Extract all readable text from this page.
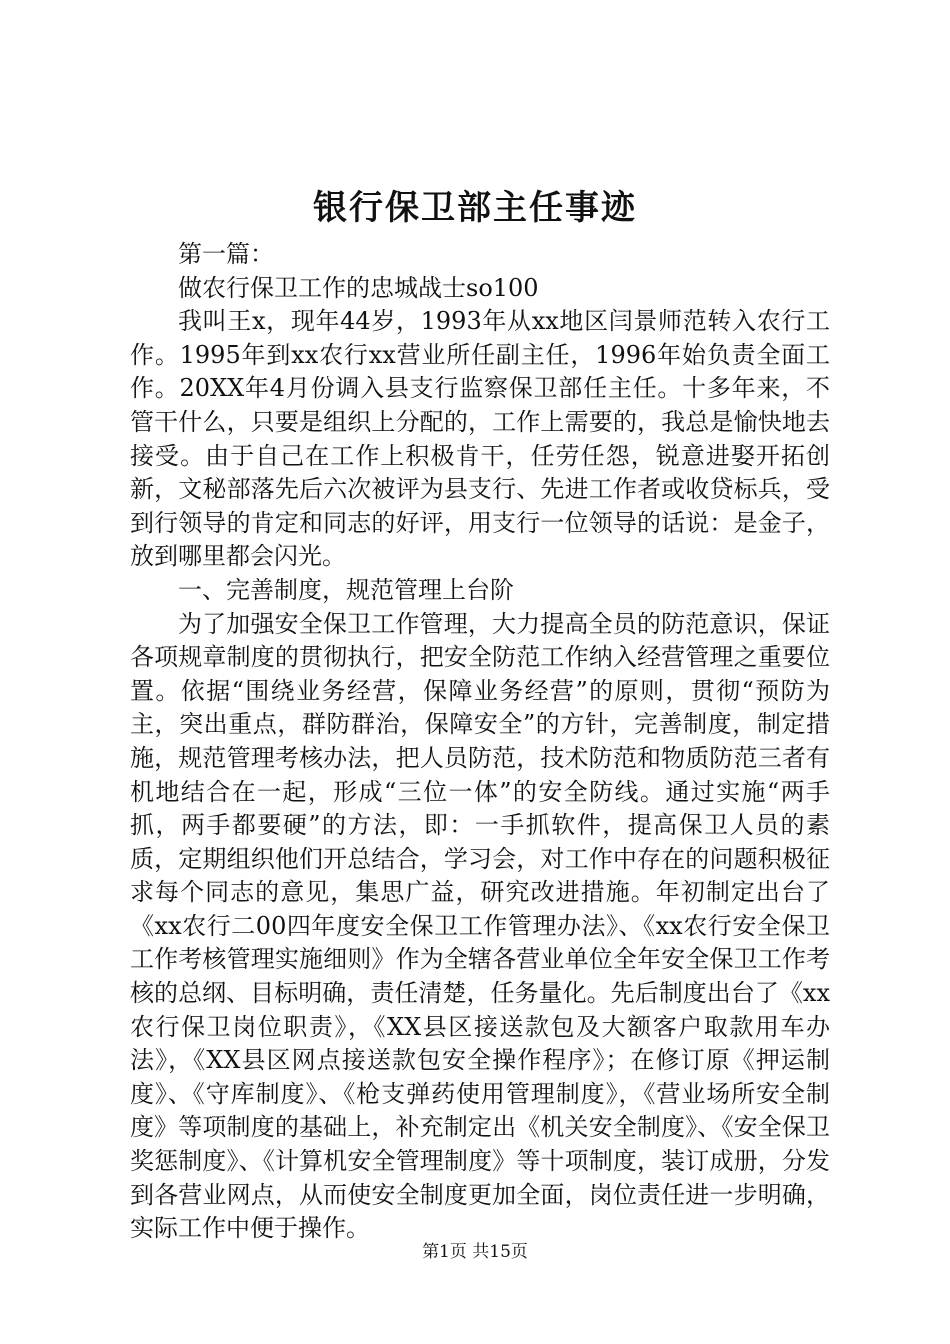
银行保卫部主任事迹

第一篇：

做农行保卫工作的忠城战士so100

我叫王x，现年44岁，1993年从xx地区闫景师范转入农行工作。1995年到xx农行xx营业所任副主任，1996年始负责全面工作。20XX年4月份调入县支行监察保卫部任主任。十多年来，不管干什么，只要是组织上分配的，工作上需要的，我总是愉快地去接受。由于自己在工作上积极肯干，任劳任怨，锐意进娶开拓创新，文秘部落先后六次被评为县支行、先进工作者或收贷标兵，受到行领导的肯定和同志的好评，用支行一位领导的话说：是金子，放到哪里都会闪光。

一、完善制度，规范管理上台阶

为了加强安全保卫工作管理，大力提高全员的防范意识，保证各项规章制度的贯彻执行，把安全防范工作纳入经营管理之重要位置。依据“围绕业务经营，保障业务经营”的原则，贯彻“预防为主，突出重点，群防群治，保障安全”的方针，完善制度，制定措施，规范管理考核办法，把人员防范，技术防范和物质防范三者有机地结合在一起，形成“三位一体”的安全防线。通过实施“两手抓，两手都要硬”的方法，即：一手抓软件，提高保卫人员的素质，定期组织他们开总结合，学习会，对工作中存在的问题积极征求每个同志的意见，集思广益，研究改进措施。年初制定出台了《xx农行二00四年度安全保卫工作管理办法》、《xx农行安全保卫工作考核管理实施细则》作为全辖各营业单位全年安全保卫工作考核的总纲、目标明确，责任清楚，任务量化。先后制度出台了《xx农行保卫岗位职责》，《XX县区接送款包及大额客户取款用车办法》，《XX县区网点接送款包安全操作程序》；在修订原《押运制度》、《守库制度》、《枪支弹药使用管理制度》，《营业场所安全制度》等项制度的基础上，补充制定出《机关安全制度》、《安全保卫奖惩制度》、《计算机安全管理制度》等十项制度，装订成册，分发到各营业网点，从而使安全制度更加全面，岗位责任进一步明确，实际工作中便于操作。

第1页 共15页
